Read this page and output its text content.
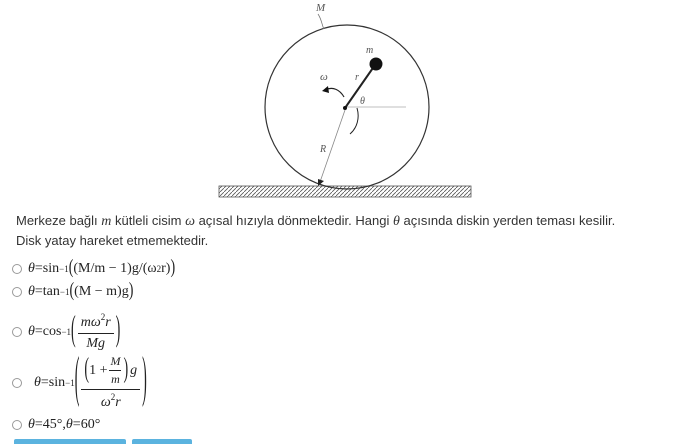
M
m
r
ω
θ
R
Merkeze bağlı m kütleli cisim ω açısal hızıyla dönmektedir. Hangi θ açısında diskin yerden teması kesilir.
Disk yatay hareket etmemektedir.
θ = sin −1 ( (M/m − 1)g/(ω 2 r) )
θ = tan −1 ( (M − m)g )
θ = cos −1 ( $\frac{m\omega^2r}{Mg}$ )
θ = sin −1 ( $\frac{( 1 + \frac{M}{m} ) g}{\omega^2r}$ )
θ = 45° , θ = 60°
